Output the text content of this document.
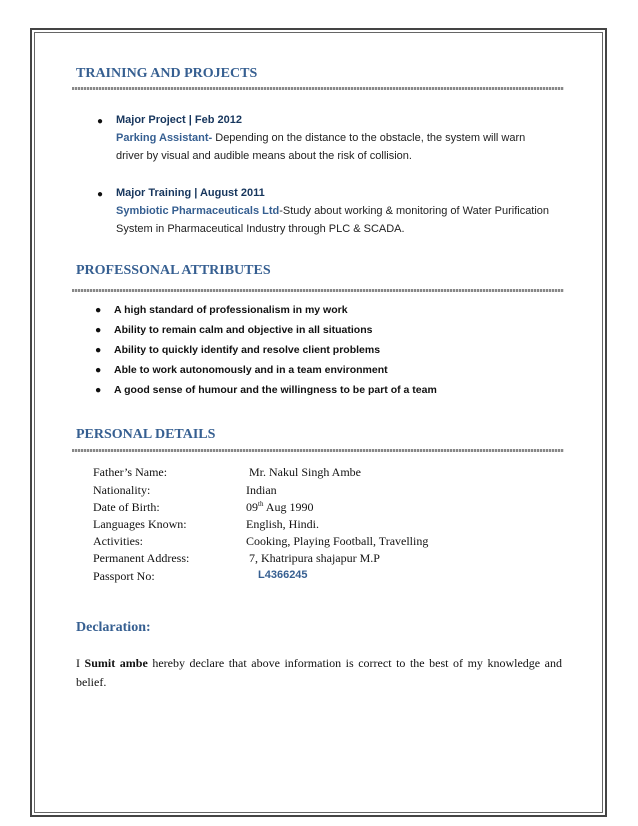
TRAINING AND PROJECTS
● Major Project | Feb 2012
Parking Assistant- Depending on the distance to the obstacle, the system will warn
driver by visual and audible means about the risk of collision.
● Major Training | August 2011
Symbiotic Pharmaceuticals Ltd-Study about working & monitoring of Water Purification
System in Pharmaceutical Industry through PLC & SCADA.
PROFESSONAL ATTRIBUTES
● A high standard of professionalism in my work
● Ability to remain calm and objective in all situations
● Ability to quickly identify and resolve client problems
● Able to work autonomously and in a team environment
● A good sense of humour and the willingness to be part of a team
PERSONAL DETAILS
Father’s Name:	Mr. Nakul Singh Ambe
Nationality:	Indian
Date of Birth:	09th Aug 1990
Languages Known:	English, Hindi.
Activities:	Cooking, Playing Football, Travelling
Permanent Address:	7, Khatripura shajapur M.P
Passport No:	L4366245
Declaration:
I Sumit ambe hereby declare that above information is correct to the best of my knowledge and belief.
